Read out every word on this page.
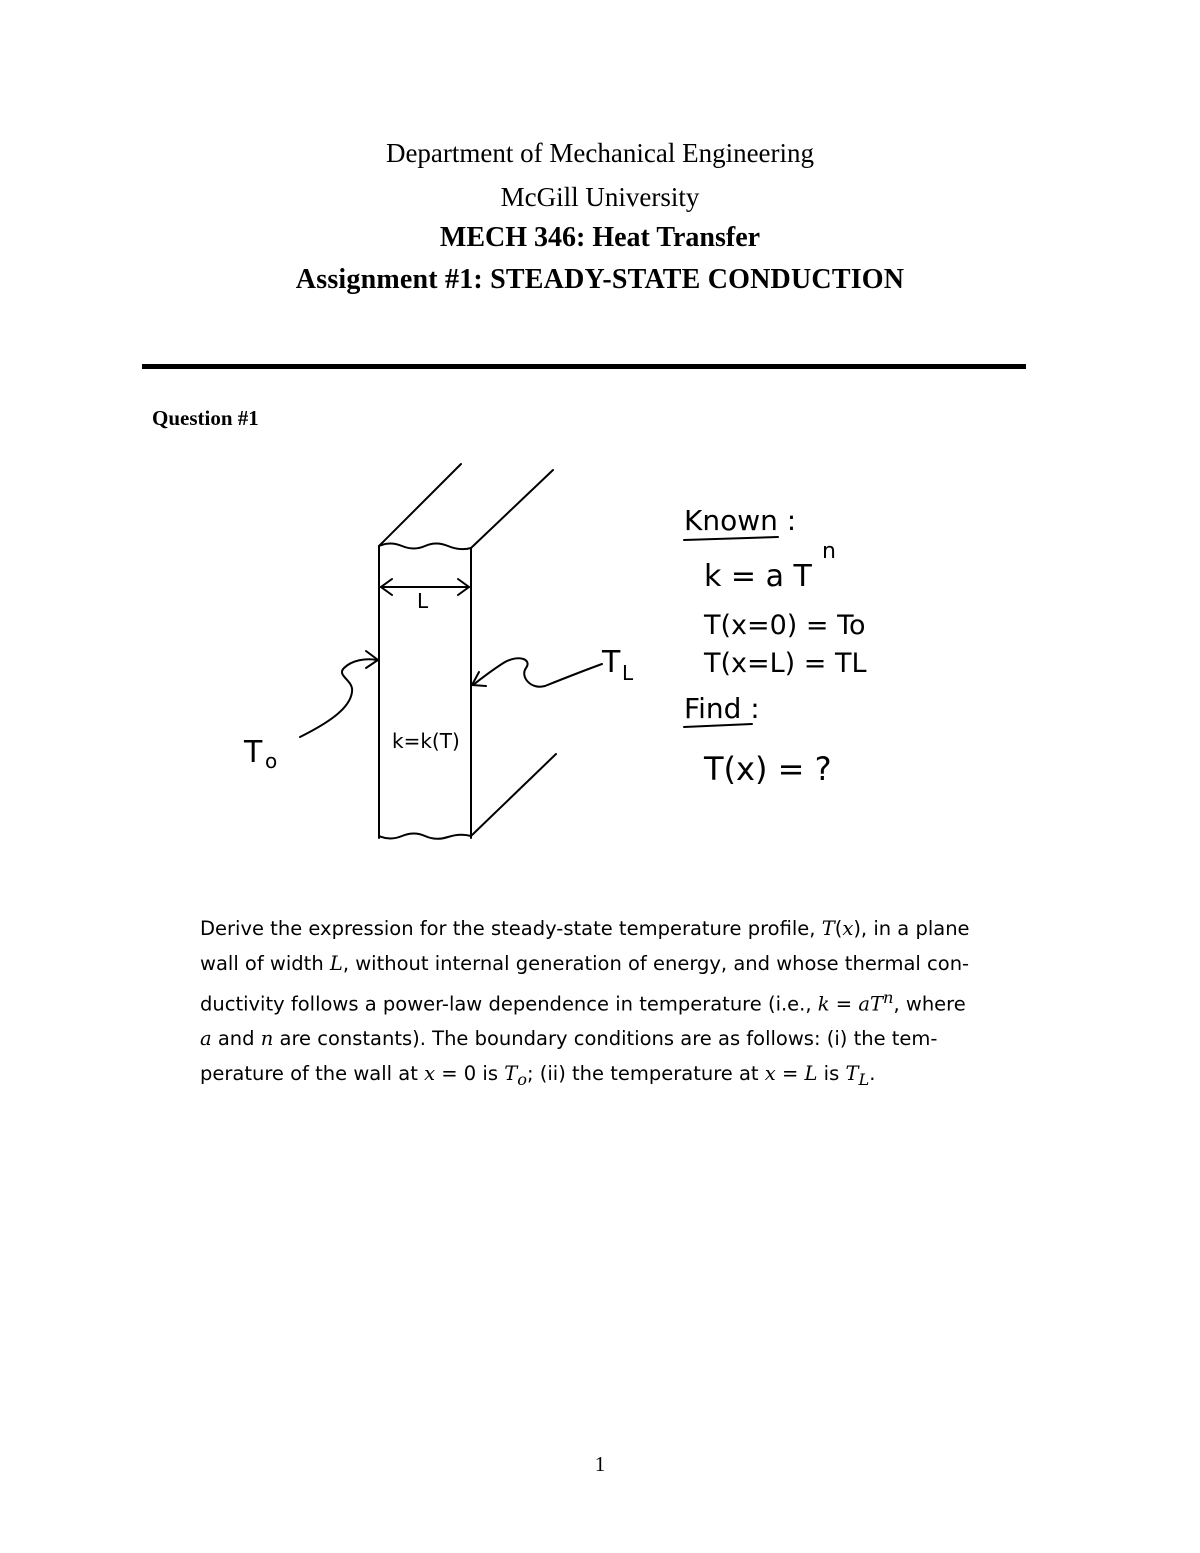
Department of Mechanical Engineering
McGill University
MECH 346: Heat Transfer
Assignment #1: STEADY-STATE CONDUCTION
Question #1
L
k=k(T)
T o
T L
Known :
k = a T
n
T(x=0) = To
T(x=L) = TL
Find :
T(x) = ?
Derive the expression for the steady-state temperature profile, T(x), in a plane
wall of width L, without internal generation of energy, and whose thermal con-
ductivity follows a power-law dependence in temperature (i.e., $k = aT^n$, where
a and n are constants). The boundary conditions are as follows: (i) the tem-
perature of the wall at x = 0 is $T_o$; (ii) the temperature at x = L is $T_L$.
1
